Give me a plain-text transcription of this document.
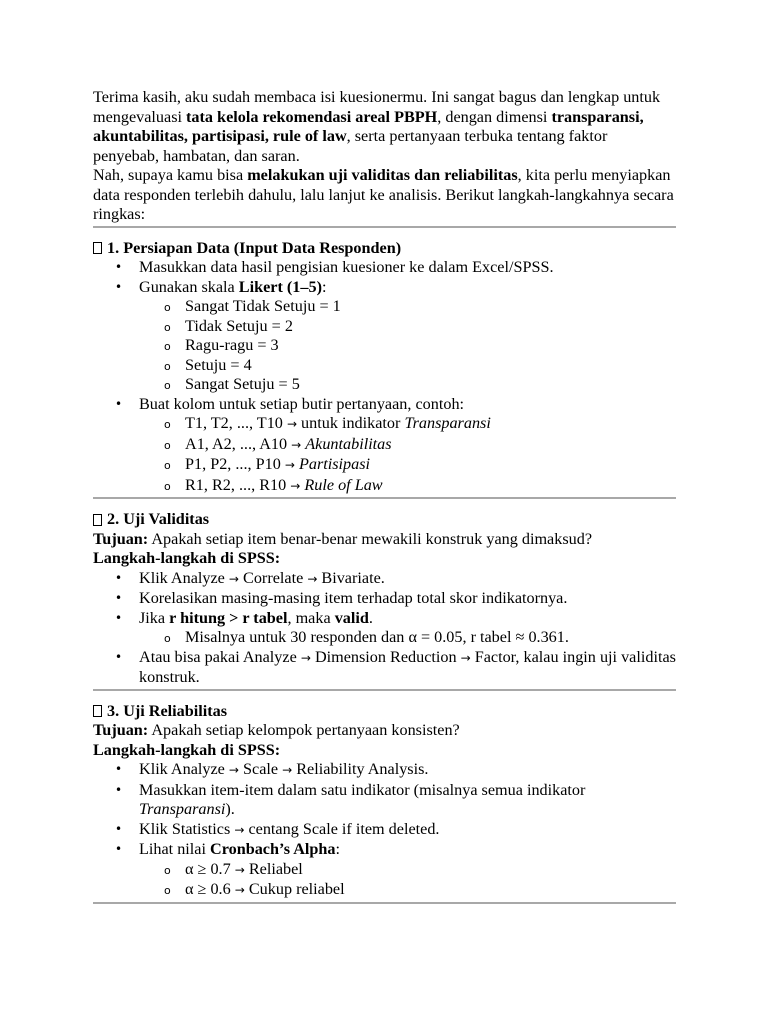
Terima kasih, aku sudah membaca isi kuesionermu. Ini sangat bagus dan lengkap untuk mengevaluasi tata kelola rekomendasi areal PBPH, dengan dimensi transparansi, akuntabilitas, partisipasi, rule of law, serta pertanyaan terbuka tentang faktor penyebab, hambatan, dan saran.

Nah, supaya kamu bisa melakukan uji validitas dan reliabilitas, kita perlu menyiapkan data responden terlebih dahulu, lalu lanjut ke analisis. Berikut langkah-langkahnya secara ringkas:

1. Persiapan Data (Input Data Responden)
• Masukkan data hasil pengisian kuesioner ke dalam Excel/SPSS.
• Gunakan skala Likert (1–5):
o Sangat Tidak Setuju = 1
o Tidak Setuju = 2
o Ragu-ragu = 3
o Setuju = 4
o Sangat Setuju = 5
• Buat kolom untuk setiap butir pertanyaan, contoh:
o T1, T2, ..., T10 → untuk indikator Transparansi
o A1, A2, ..., A10 → Akuntabilitas
o P1, P2, ..., P10 → Partisipasi
o R1, R2, ..., R10 → Rule of Law
2. Uji Validitas

Tujuan: Apakah setiap item benar-benar mewakili konstruk yang dimaksud?

Langkah-langkah di SPSS:

• Klik Analyze → Correlate → Bivariate.
• Korelasikan masing-masing item terhadap total skor indikatornya.
• Jika r hitung > r tabel, maka valid.
o Misalnya untuk 30 responden dan α = 0.05, r tabel ≈ 0.361.
• Atau bisa pakai Analyze → Dimension Reduction → Factor, kalau ingin uji validitas konstruk.
3. Uji Reliabilitas

Tujuan: Apakah setiap kelompok pertanyaan konsisten?

Langkah-langkah di SPSS:

• Klik Analyze → Scale → Reliability Analysis.
• Masukkan item-item dalam satu indikator (misalnya semua indikator Transparansi).
• Klik Statistics → centang Scale if item deleted.
• Lihat nilai Cronbach’s Alpha:
o α ≥ 0.7 → Reliabel
o α ≥ 0.6 → Cukup reliabel
